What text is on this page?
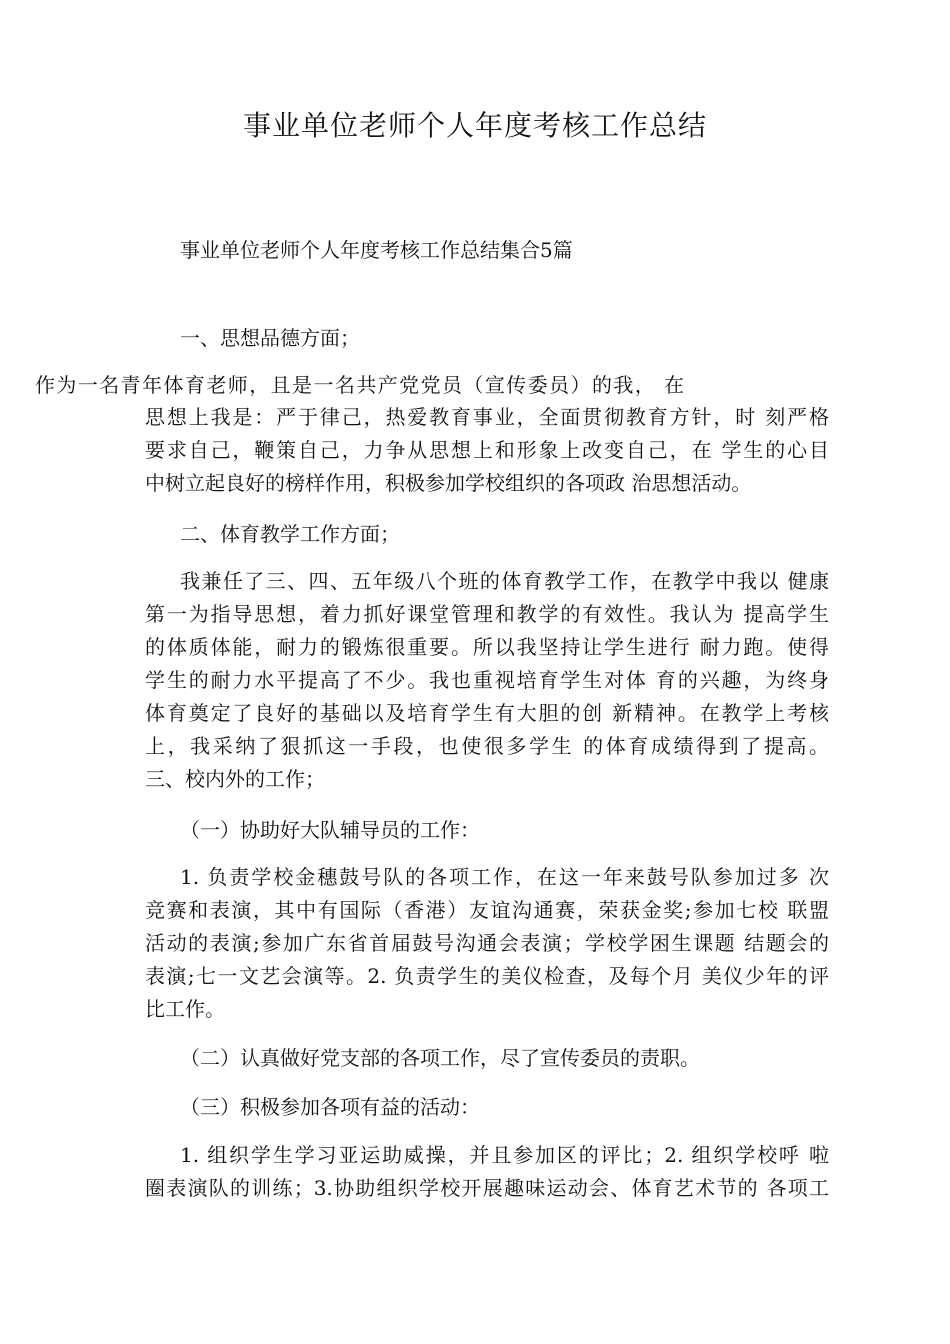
事业单位老师个人年度考核工作总结
事业单位老师个人年度考核工作总结集合5篇
一、思想品德方面；
作为一名青年体育老师，且是一名共产党党员（宣传委员）的我， 在
思想上我是：严于律己，热爱教育事业，全面贯彻教育方针，时 刻严格
要求自己，鞭策自己，力争从思想上和形象上改变自己，在 学生的心目
中树立起良好的榜样作用，积极参加学校组织的各项政 治思想活动。
二、体育教学工作方面；
我兼任了三、四、五年级八个班的体育教学工作，在教学中我以 健康
第一为指导思想，着力抓好课堂管理和教学的有效性。我认为 提高学生
的体质体能，耐力的锻炼很重要。所以我坚持让学生进行 耐力跑。使得
学生的耐力水平提高了不少。我也重视培育学生对体 育的兴趣，为终身
体育奠定了良好的基础以及培育学生有大胆的创 新精神。在教学上考核
上，我采纳了狠抓这一手段，也使很多学生 的体育成绩得到了提高。
三、校内外的工作；
（一）协助好大队辅导员的工作：
1. 负责学校金穗鼓号队的各项工作，在这一年来鼓号队参加过多 次
竞赛和表演，其中有国际（香港）友谊沟通赛，荣获金奖;参加七校 联盟
活动的表演;参加广东省首届鼓号沟通会表演；学校学困生课题 结题会的
表演;七一文艺会演等。2. 负责学生的美仪检查，及每个月 美仪少年的评
比工作。
（二）认真做好党支部的各项工作，尽了宣传委员的责职。
（三）积极参加各项有益的活动：
1. 组织学生学习亚运助威操，并且参加区的评比；2. 组织学校呼 啦
圈表演队的训练；3.协助组织学校开展趣味运动会、体育艺术节的 各项工
